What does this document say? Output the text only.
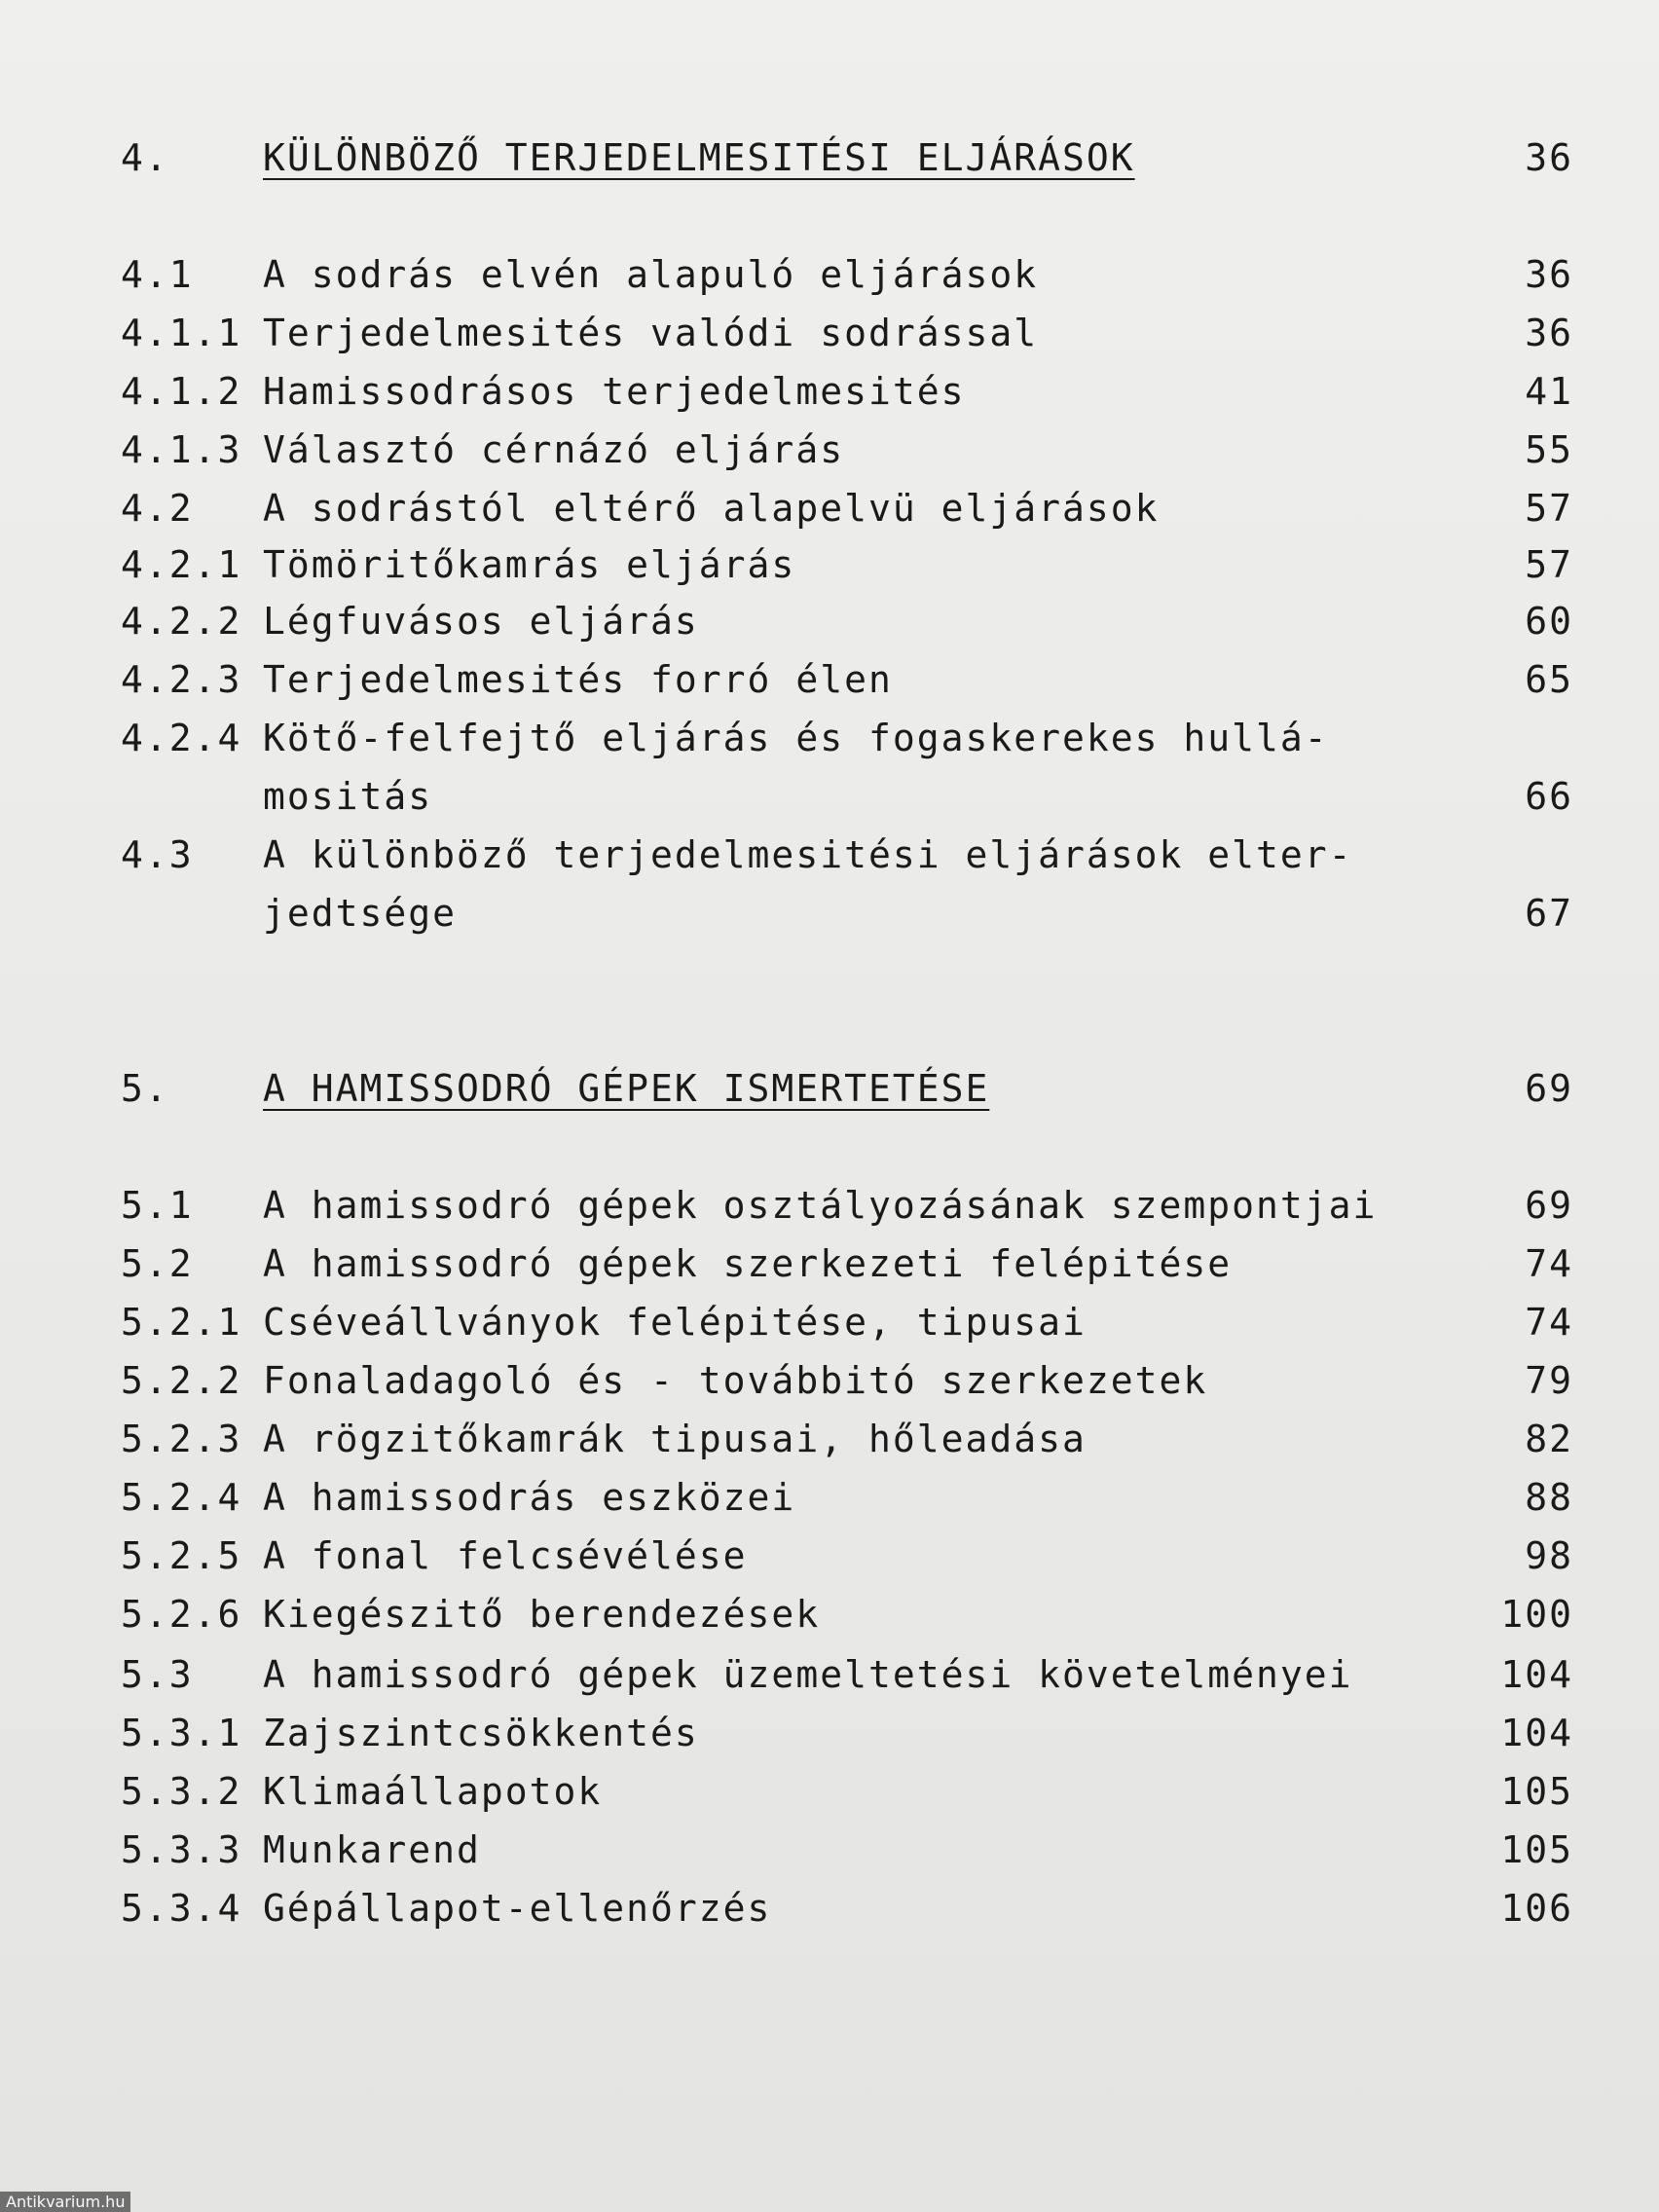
4.	KÜLÖNBÖZŐ TERJEDELMESITÉSI ELJÁRÁSOK	36
4.1 A sodrás elvén alapuló eljárások	36
4.1.1 Terjedelmesités valódi sodrással	36
4.1.2 Hamissodrásos terjedelmesités	41
4.1.3 Választó cérnázó eljárás	55
4.2 A sodrástól eltérő alapelvü eljárások	57
4.2.1 Tömöritőkamrás eljárás	57
4.2.2 Légfuvásos eljárás	60
4.2.3 Terjedelmesités forró élen	65
4.2.4 Kötő-felfejtő eljárás és fogaskerekes hullá-
mositás	66
4.3 A különböző terjedelmesitési eljárások elter-
jedtsége	67
5.	A HAMISSODRÓ GÉPEK ISMERTETÉSE	69
5.1 A hamissodró gépek osztályozásának szempontjai	69
5.2 A hamissodró gépek szerkezeti felépitése	74
5.2.1 Cséveállványok felépitése, tipusai	74
5.2.2 Fonaladagoló és - továbbitó szerkezetek	79
5.2.3 A rögzitőkamrák tipusai, hőleadása	82
5.2.4 A hamissodrás eszközei	88
5.2.5 A fonal felcsévélése	98
5.2.6 Kiegészitő berendezések	100
5.3 A hamissodró gépek üzemeltetési követelményei	104
5.3.1 Zajszintcsökkentés	104
5.3.2 Klimaállapotok	105
5.3.3 Munkarend	105
5.3.4 Gépállapot-ellenőrzés	106
Antikvarium.hu
